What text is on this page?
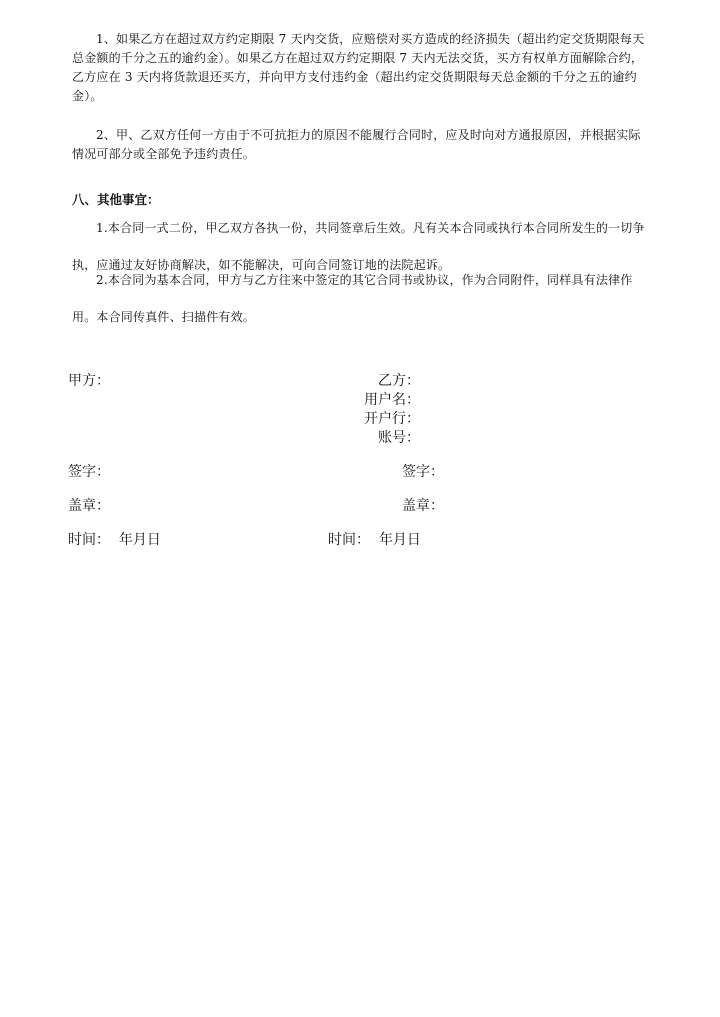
1、如果乙方在超过双方约定期限 7 天内交货，应赔偿对买方造成的经济损失（超出约定交货期限每天总金额的千分之五的逾约金）。如果乙方在超过双方约定期限 7 天内无法交货，买方有权单方面解除合约，乙方应在 3 天内将货款退还买方，并向甲方支付违约金（超出约定交货期限每天总金额的千分之五的逾约金）。

2、甲、乙双方任何一方由于不可抗拒力的原因不能履行合同时，应及时向对方通报原因，并根据实际情况可部分或全部免予违约责任。

八、其他事宜：

1.本合同一式二份，甲乙双方各执一份，共同签章后生效。凡有关本合同或执行本合同所发生的一切争执，应通过友好协商解决，如不能解决，可向合同签订地的法院起诉。

2.本合同为基本合同，甲方与乙方往来中签定的其它合同书或协议，作为合同附件，同样具有法律作用。本合同传真件、扫描件有效。

甲方：	乙方：
用户名：
开户行：
账号：
签字：	签字：
盖章：	盖章：
时间：  年月日	时间：  年月日
